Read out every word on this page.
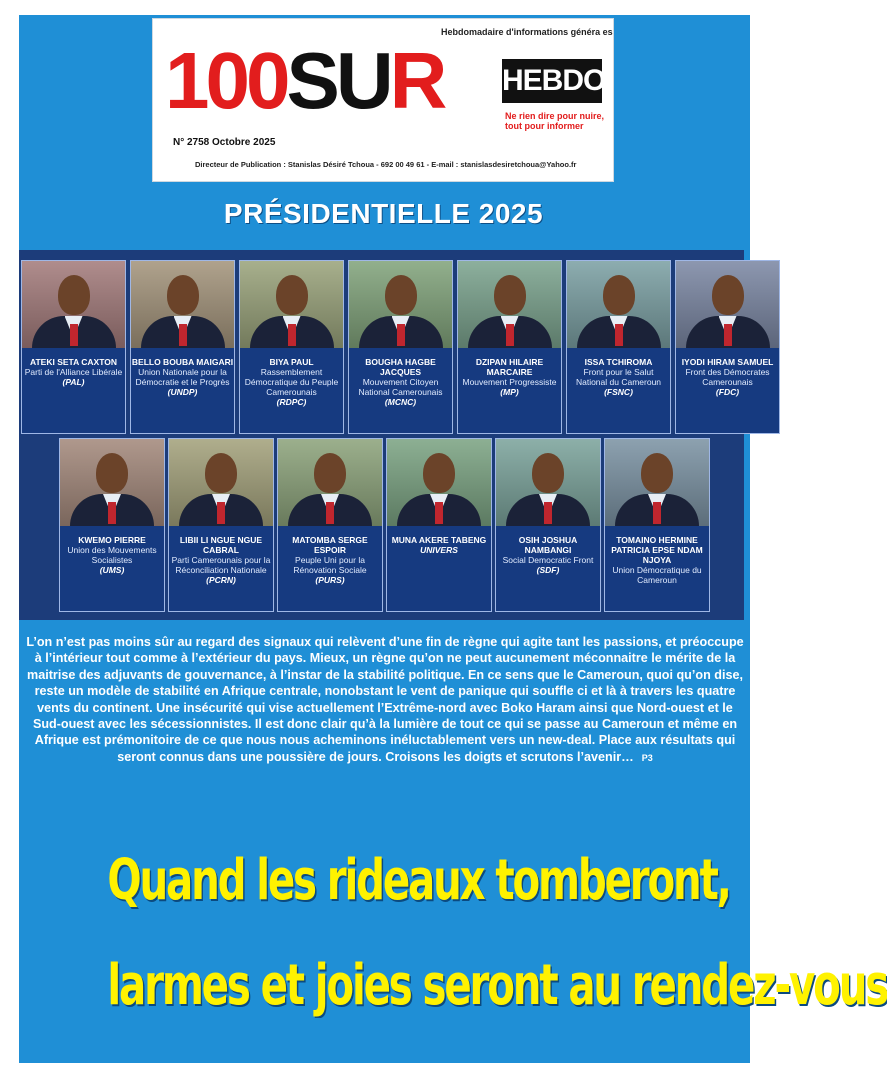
Hebdomadaire d'informations généra es
100SUR HEBDO
Ne rien dire pour nuire,
tout pour informer
N° 2758 Octobre 2025
Directeur de Publication : Stanislas Désiré Tchoua - 692 00 49 61 - E-mail : stanislasdesiretchoua@Yahoo.fr
PRÉSIDENTIELLE 2025
ATEKI SETA CAXTON
Parti de l'Alliance Libérale
(PAL)
BELLO BOUBA MAIGARI
Union Nationale pour la Démocratie et le Progrès
(UNDP)
BIYA PAUL
Rassemblement Démocratique du Peuple Camerounais
(RDPC)
BOUGHA HAGBE JACQUES
Mouvement Citoyen National Camerounais
(MCNC)
DZIPAN HILAIRE MARCAIRE
Mouvement Progressiste
(MP)
ISSA TCHIROMA
Front pour le Salut National du Cameroun
(FSNC)
IYODI HIRAM SAMUEL
Front des Démocrates Camerounais
(FDC)
KWEMO PIERRE
Union des Mouvements Socialistes
(UMS)
LIBII LI NGUE NGUE CABRAL
Parti Camerounais pour la Réconciliation Nationale
(PCRN)
MATOMBA SERGE ESPOIR
Peuple Uni pour la Rénovation Sociale
(PURS)
MUNA AKERE TABENG
UNIVERS
OSIH JOSHUA NAMBANGI
Social Democratic Front
(SDF)
TOMAINO HERMINE PATRICIA EPSE NDAM NJOYA
Union Démocratique du Cameroun
L’on n’est pas moins sûr au regard des signaux qui relèvent d’une fin de règne qui agite tant les passions, et préoccupe à l’intérieur tout comme à l’extérieur du pays. Mieux, un règne qu’on ne peut aucunement méconnaitre le mérite de la maitrise des adjuvants de gouvernance, à l’instar de la stabilité politique. En ce sens que le Cameroun, quoi qu’on dise, reste un modèle de stabilité en Afrique centrale, nonobstant le vent de panique qui souffle ci et là à travers les quatre vents du continent. Une insécurité qui vise actuellement l’Extrême-nord avec Boko Haram ainsi que Nord-ouest et le Sud-ouest avec les sécessionnistes. Il est donc clair qu’à la lumière de tout ce qui se passe au Cameroun et même en Afrique est prémonitoire de ce que nous nous acheminons inéluctablement vers un new-deal. Place aux résultats qui seront connus dans une poussière de jours. Croisons les doigts et scrutons l’avenir… P3
Quand les rideaux tomberont,
larmes et joies seront au rendez-vous
